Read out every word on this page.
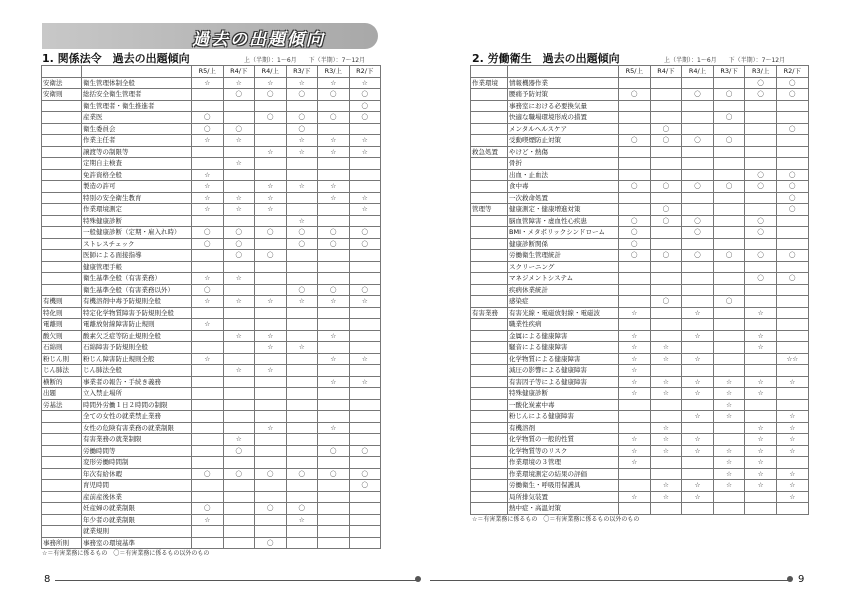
過去の出題傾向
1. 関係法令　過去の出題傾向	上（半期）：1～6月　　下（半期）：7～12月
		R5/上	R4/下	R4/上	R3/下	R3/上	R2/下
安衛法	衛生管理体制全般	☆	☆	☆	☆	☆	☆
安衛則	総括安全衛生管理者		〇	〇	〇	〇	〇
	衛生管理者・衛生推進者						〇
	産業医	〇		〇	〇	〇	〇
	衛生委員会	〇	〇		〇		
	作業主任者	☆	☆		☆	☆	☆
	譲渡等の制限等			☆	☆	☆	☆
	定期自主検査		☆				
	免許資格全般	☆					
	製造の許可	☆		☆	☆	☆	
	特別の安全衛生教育	☆	☆	☆		☆	☆
	作業環境測定	☆	☆	☆			☆
	特殊健康診断				☆		
	一般健康診断（定期・雇入れ時）	〇	〇	〇	〇	〇	〇
	ストレスチェック	〇	〇		〇	〇	〇
	医師による面接指導		〇	〇			
	健康管理手帳						
	衛生基準全般（有害業務）	☆	☆				
	衛生基準全般（有害業務以外）	〇			〇	〇	〇
有機則	有機溶剤中毒予防規則全般	☆	☆	☆	☆	☆	☆
特化則	特定化学物質障害予防規則全般						
電離則	電離放射線障害防止規則	☆					
酸欠則	酸素欠乏症等防止規則全般		☆	☆		☆	
石綿則	石綿障害予防規則全般			☆	☆		
粉じん則	粉じん障害防止規則全般	☆				☆	☆
じん肺法	じん肺法全般		☆	☆			
横断的	事業者の報告・手続き義務					☆	☆
出題	立入禁止場所						
労基法	時間外労働１日２時間の制限						
	全ての女性の就業禁止業務						
	女性の危険有害業務の就業制限			☆		☆	
	有害業務の就業制限		☆				
	労働時間等		〇			〇	〇
	変形労働時間制						
	年次有給休暇	〇	〇	〇	〇	〇	〇
	育児時間						〇
	産前産後休業						
	妊産婦の就業制限	〇		〇	〇		
	年少者の就業制限	☆			☆		
	就業規則						
事務所則	事務室の環境基準			〇			
☆＝有害業務に係るもの　〇＝有害業務に係るもの以外のもの
2. 労働衛生　過去の出題傾向	上（半期）：1～6月　　下（半期）：7～12月
		R5/上	R4/下	R4/上	R3/下	R3/上	R2/下
作業環境	情報機器作業					〇	〇
	腰痛予防対策	〇		〇	〇	〇	〇
	事務室における必要換気量						
	快適な職場環境形成の措置				〇		
	メンタルヘルスケア		〇				〇
	受動喫煙防止対策	〇	〇	〇	〇		
救急処置	やけど・熱傷						
	骨折						
	出血・止血法					〇	〇
	食中毒	〇	〇	〇	〇	〇	〇
	一次救命処置						〇
管理等	健康測定・健康増進対策		〇				〇
	脳血管障害・虚血性心疾患	〇	〇	〇		〇	
	BMI・メタボリックシンドローム	〇		〇		〇	
	健康診断関係	〇					
	労働衛生管理統計	〇	〇	〇	〇	〇	〇
	スクリーニング						
	マネジメントシステム					〇	〇
	疾病休業統計						
	感染症		〇		〇		
有害業務	有害光線・電磁放射線・電磁波	☆		☆		☆	
	職業性疾病						
	金属による健康障害	☆		☆		☆	
	騒音による健康障害	☆	☆			☆	
	化学物質による健康障害	☆	☆	☆			☆☆
	減圧の影響による健康障害	☆					
	有害因子等による健康障害	☆	☆	☆	☆	☆	☆
	特殊健康診断	☆	☆	☆	☆	☆	
	一酸化炭素中毒				☆		
	粉じんによる健康障害			☆	☆		☆
	有機溶剤		☆			☆	☆
	化学物質の一般的性質	☆	☆	☆		☆	☆
	化学物質等のリスク	☆	☆	☆	☆	☆	☆
	作業環境の３管理	☆			☆	☆	
	作業環境測定の結果の評価				☆	☆	☆
	労働衛生・呼吸用保護具		☆	☆	☆	☆	☆
	局所排気装置	☆	☆	☆			☆
	熱中症・高温対策						
☆＝有害業務に係るもの　〇＝有害業務に係るもの以外のもの
8	9
